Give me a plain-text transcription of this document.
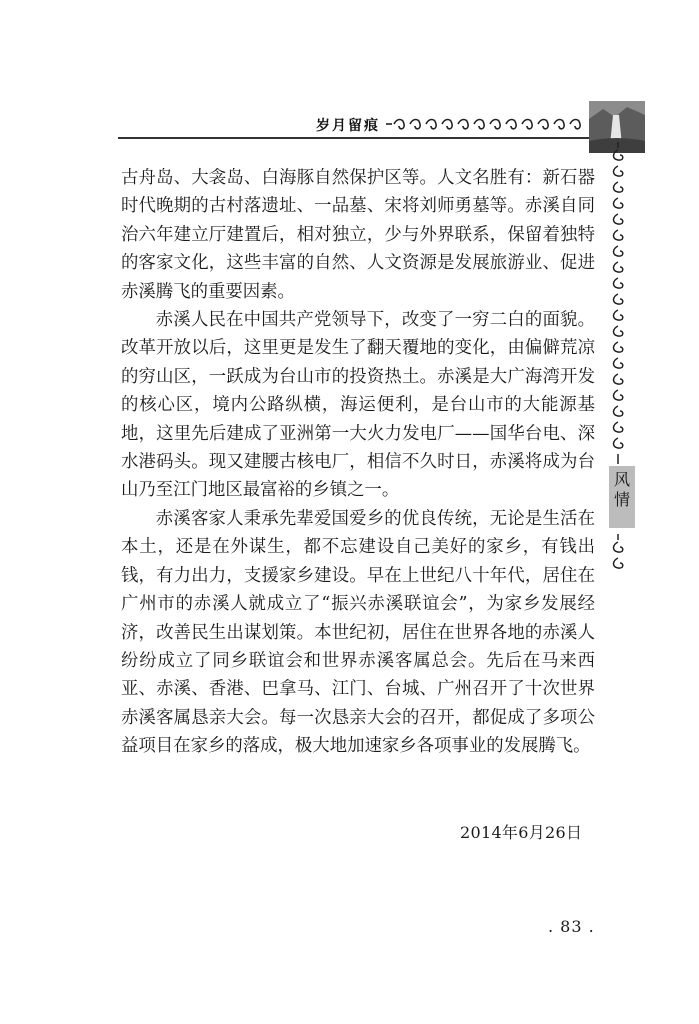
岁月留痕
风
情

古舟岛、大衾岛、白海豚自然保护区等。人文名胜有：新石器时代晚期的古村落遗址、一品墓、宋将刘师勇墓等。赤溪自同治六年建立厅建置后，相对独立，少与外界联系，保留着独特的客家文化，这些丰富的自然、人文资源是发展旅游业、促进赤溪腾飞的重要因素。

赤溪人民在中国共产党领导下，改变了一穷二白的面貌。改革开放以后，这里更是发生了翻天覆地的变化，由偏僻荒凉的穷山区，一跃成为台山市的投资热土。赤溪是大广海湾开发的核心区，境内公路纵横，海运便利，是台山市的大能源基地，这里先后建成了亚洲第一大火力发电厂——国华台电、深水港码头。现又建腰古核电厂，相信不久时日，赤溪将成为台山乃至江门地区最富裕的乡镇之一。

赤溪客家人秉承先辈爱国爱乡的优良传统，无论是生活在本土，还是在外谋生，都不忘建设自己美好的家乡，有钱出钱，有力出力，支援家乡建设。早在上世纪八十年代，居住在广州市的赤溪人就成立了“振兴赤溪联谊会”，为家乡发展经济，改善民生出谋划策。本世纪初，居住在世界各地的赤溪人纷纷成立了同乡联谊会和世界赤溪客属总会。先后在马来西亚、赤溪、香港、巴拿马、江门、台城、广州召开了十次世界赤溪客属恳亲大会。每一次恳亲大会的召开，都促成了多项公益项目在家乡的落成，极大地加速家乡各项事业的发展腾飞。

2014年6月26日
. 83 .
